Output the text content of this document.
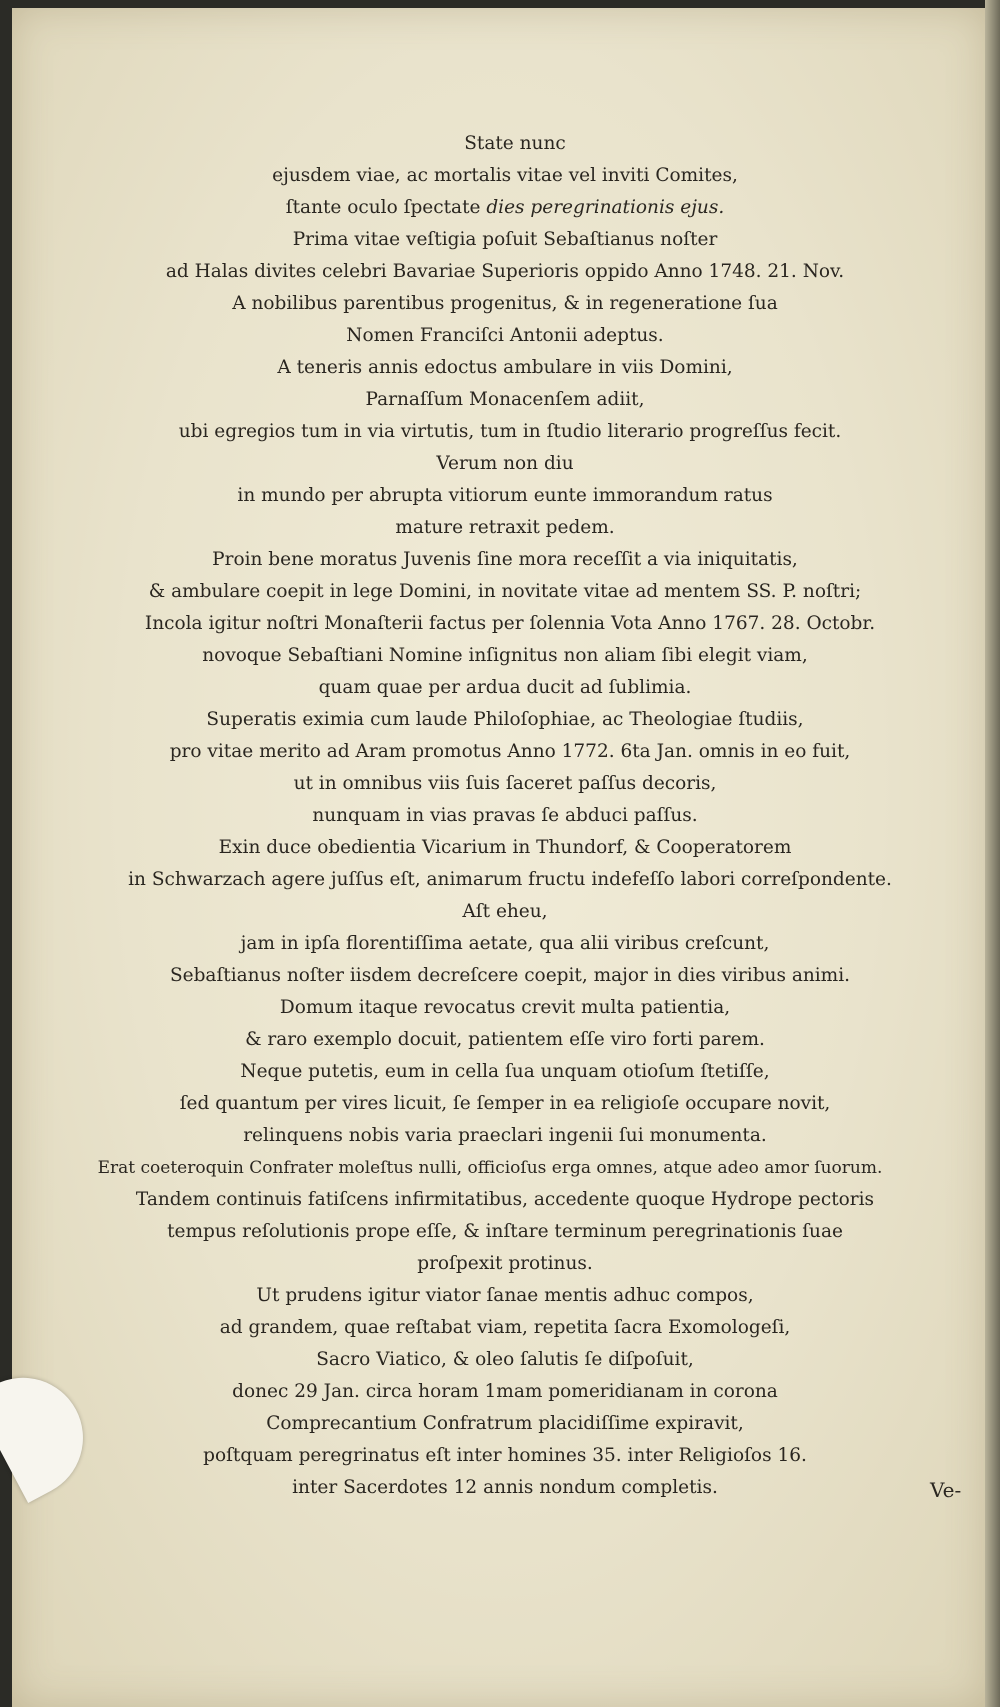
State nunc
ejusdem viae, ac mortalis vitae vel inviti Comites,
ſtante oculo ſpectate dies peregrinationis ejus.
Prima vitae veſtigia poſuit Sebaſtianus noſter
ad Halas divites celebri Bavariae Superioris oppido Anno 1748. 21. Nov.
A nobilibus parentibus progenitus, & in regeneratione ſua
Nomen Franciſci Antonii adeptus.
A teneris annis edoctus ambulare in viis Domini,
Parnaſſum Monacenſem adiit,
ubi egregios tum in via virtutis, tum in ſtudio literario progreſſus fecit.
Verum non diu
in mundo per abrupta vitiorum eunte immorandum ratus
mature retraxit pedem.
Proin bene moratus Juvenis ſine mora receſſit a via iniquitatis,
& ambulare coepit in lege Domini, in novitate vitae ad mentem SS. P. noſtri;
Incola igitur noſtri Monaſterii factus per ſolennia Vota Anno 1767. 28. Octobr.
novoque Sebaſtiani Nomine inſignitus non aliam ſibi elegit viam,
quam quae per ardua ducit ad ſublimia.
Superatis eximia cum laude Philoſophiae, ac Theologiae ſtudiis,
pro vitae merito ad Aram promotus Anno 1772. 6ta Jan. omnis in eo fuit,
ut in omnibus viis ſuis ſaceret paſſus decoris,
nunquam in vias pravas ſe abduci paſſus.
Exin duce obedientia Vicarium in Thundorf, & Cooperatorem
in Schwarzach agere juſſus eſt, animarum fructu indefeſſo labori correſpondente.
Aſt eheu,
jam in ipſa florentiſſima aetate, qua alii viribus creſcunt,
Sebaſtianus noſter iisdem decreſcere coepit, major in dies viribus animi.
Domum itaque revocatus crevit multa patientia,
& raro exemplo docuit, patientem eſſe viro forti parem.
Neque putetis, eum in cella ſua unquam otioſum ſtetiſſe,
ſed quantum per vires licuit, ſe ſemper in ea religioſe occupare novit,
relinquens nobis varia praeclari ingenii ſui monumenta.
Erat coeteroquin Confrater moleſtus nulli, officioſus erga omnes, atque adeo amor ſuorum.
Tandem continuis fatiſcens infirmitatibus, accedente quoque Hydrope pectoris
tempus reſolutionis prope eſſe, & inſtare terminum peregrinationis ſuae
proſpexit protinus.
Ut prudens igitur viator ſanae mentis adhuc compos,
ad grandem, quae reſtabat viam, repetita ſacra Exomologeſi,
Sacro Viatico, & oleo ſalutis ſe diſpoſuit,
donec 29 Jan. circa horam 1mam pomeridianam in corona
Comprecantium Confratrum placidiſſime expiravit,
poſtquam peregrinatus eſt inter homines 35. inter Religioſos 16.
inter Sacerdotes 12 annis nondum completis.	Ve-
